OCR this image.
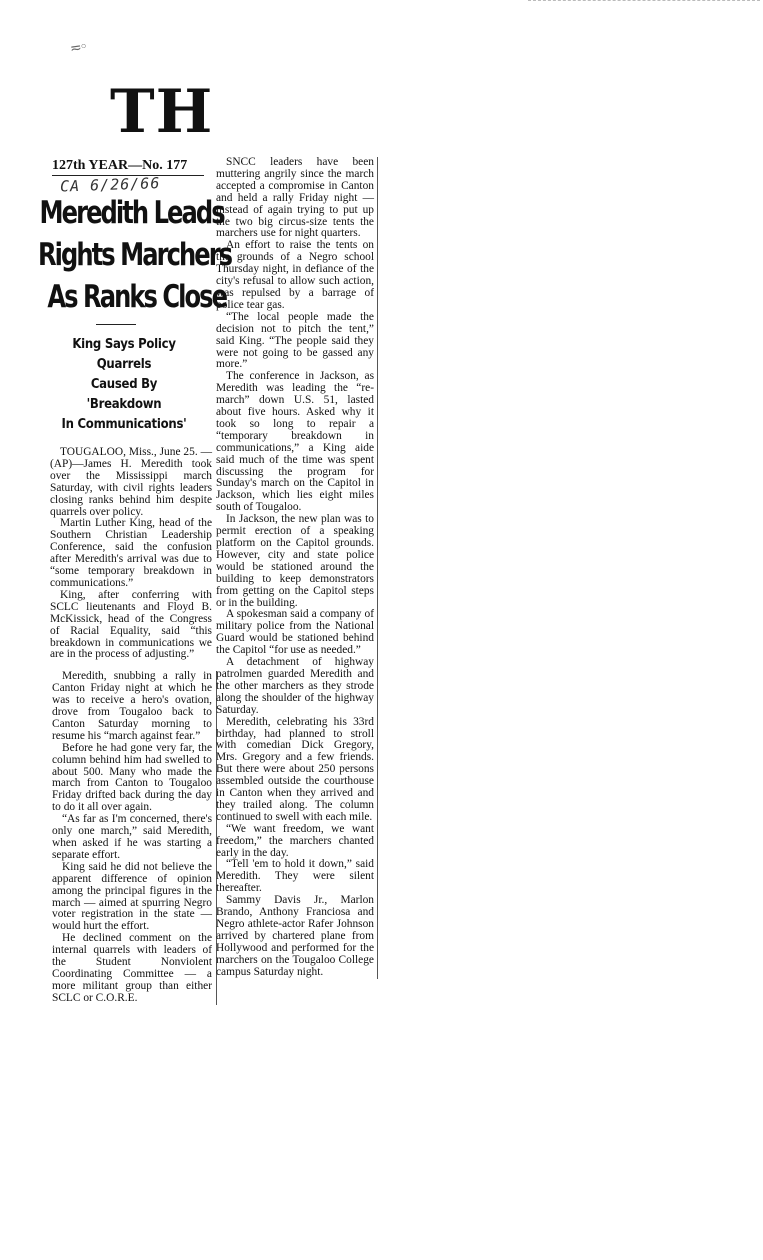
≂◦
TH
127th YEAR—No. 177
CA 6/26/66
Meredith Leads
Rights Marchers
As Ranks Close
King Says Policy Quarrels
Caused By 'Breakdown
In Communications'

TOUGALOO, Miss., June 25. —(AP)—James H. Meredith took over the Mississippi march Saturday, with civil rights leaders closing ranks behind him despite quarrels over policy.

Martin Luther King, head of the Southern Christian Leadership Conference, said the confusion after Meredith's arrival was due to “some temporary breakdown in communications.”

King, after conferring with SCLC lieutenants and Floyd B. McKissick, head of the Congress of Racial Equality, said “this breakdown in communications we are in the process of adjusting.”

Meredith, snubbing a rally in Canton Friday night at which he was to receive a hero's ovation, drove from Tougaloo back to Canton Saturday morning to resume his “march against fear.”

Before he had gone very far, the column behind him had swelled to about 500. Many who made the march from Canton to Tougaloo Friday drifted back during the day to do it all over again.

“As far as I'm concerned, there's only one march,” said Meredith, when asked if he was starting a separate effort.

King said he did not believe the apparent difference of opinion among the principal figures in the march — aimed at spurring Negro voter registration in the state — would hurt the effort.

He declined comment on the internal quarrels with leaders of the Student Nonviolent Coordinating Committee — a more militant group than either SCLC or C.O.R.E.

SNCC leaders have been muttering angrily since the march accepted a compromise in Canton and held a rally Friday night — instead of again trying to put up the two big circus-size tents the marchers use for night quarters.

An effort to raise the tents on the grounds of a Negro school Thursday night, in defiance of the city's refusal to allow such action, was repulsed by a barrage of police tear gas.

“The local people made the decision not to pitch the tent,” said King. “The people said they were not going to be gassed any more.”

The conference in Jackson, as Meredith was leading the “re-march” down U.S. 51, lasted about five hours. Asked why it took so long to repair a “temporary breakdown in communications,” a King aide said much of the time was spent discussing the program for Sunday's march on the Capitol in Jackson, which lies eight miles south of Tougaloo.

In Jackson, the new plan was to permit erection of a speaking platform on the Capitol grounds. However, city and state police would be stationed around the building to keep demonstrators from getting on the Capitol steps or in the building.

A spokesman said a company of military police from the National Guard would be stationed behind the Capitol “for use as needed.”

A detachment of highway patrolmen guarded Meredith and the other marchers as they strode along the shoulder of the highway Saturday.

Meredith, celebrating his 33rd birthday, had planned to stroll with comedian Dick Gregory, Mrs. Gregory and a few friends. But there were about 250 persons assembled outside the courthouse in Canton when they arrived and they trailed along. The column continued to swell with each mile.

“We want freedom, we want freedom,” the marchers chanted early in the day.

“Tell 'em to hold it down,” said Meredith. They were silent thereafter.

Sammy Davis Jr., Marlon Brando, Anthony Franciosa and Negro athlete-actor Rafer Johnson arrived by chartered plane from Hollywood and performed for the marchers on the Tougaloo College campus Saturday night.
